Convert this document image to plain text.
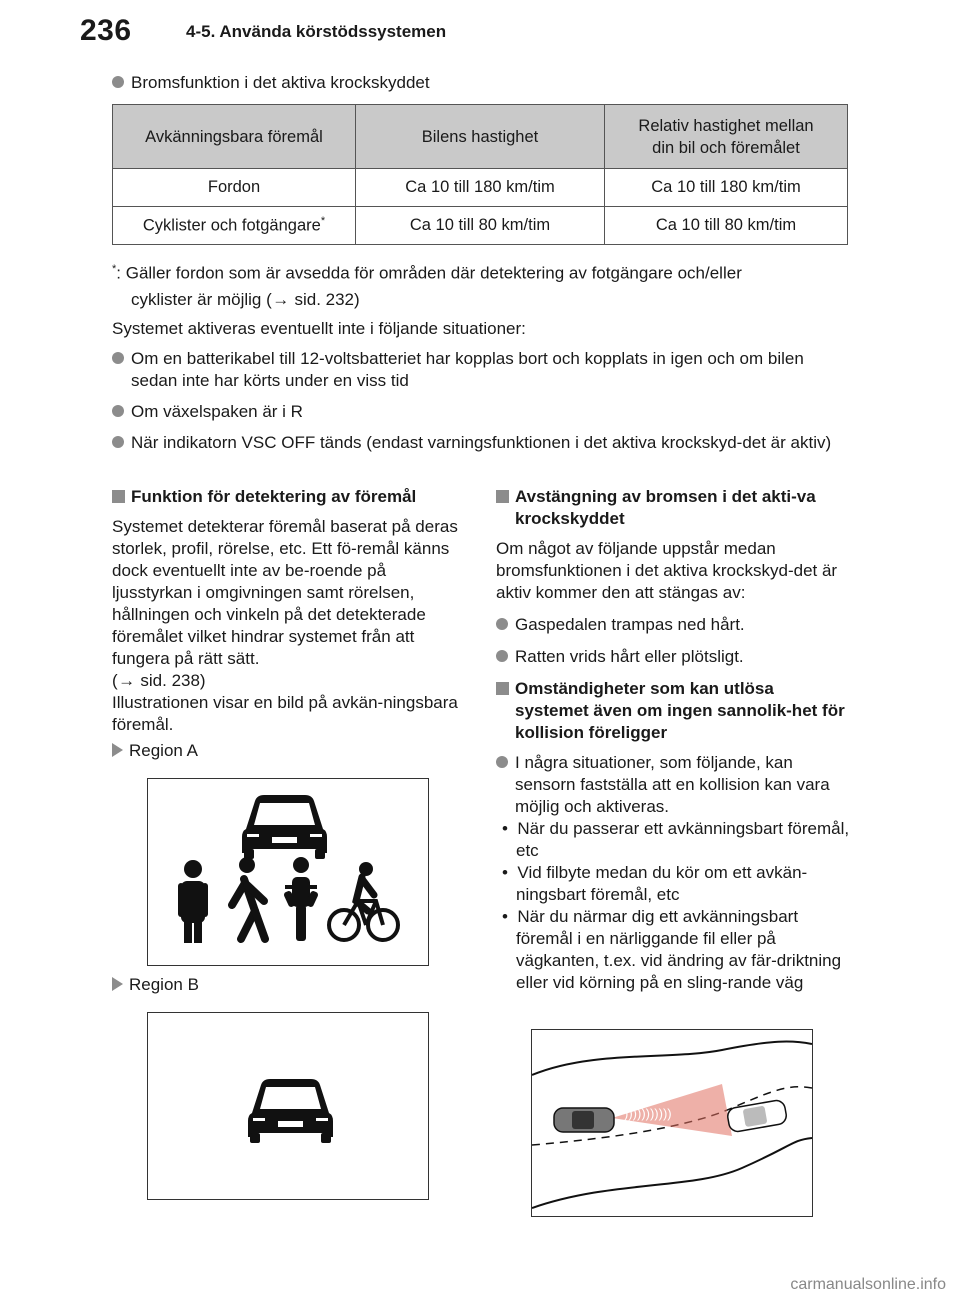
236	4-5. Använda körstödssystemen
Bromsfunktion i det aktiva krockskyddet
Avkänningsbara föremål	Bilens hastighet	Relativ hastighet mellan
din bil och föremålet
Fordon	Ca 10 till 180 km/tim	Ca 10 till 180 km/tim
Cyklister och fotgängare*	Ca 10 till 80 km/tim	Ca 10 till 80 km/tim
*: Gäller fordon som är avsedda för områden där detektering av fotgängare och/eller
cyklister är möjlig (→ sid. 232)
Systemet aktiveras eventuellt inte i följande situationer:
Om en batterikabel till 12-voltsbatteriet har kopplas bort och kopplats in igen och om bilen sedan inte har körts under en viss tid
Om växelspaken är i R
När indikatorn VSC OFF tänds (endast varningsfunktionen i det aktiva krockskyd-det är aktiv)

Funktion för detektering av föremål

Systemet detekterar föremål baserat på deras storlek, profil, rörelse, etc. Ett fö-remål känns dock eventuellt inte av be-roende på ljusstyrkan i omgivningen samt rörelsen, hållningen och vinkeln på det detekterade föremålet vilket hindrar systemet från att fungera på rätt sätt.

(→ sid. 238)

Illustrationen visar en bild på avkän-ningsbara föremål.

Region A
Region B

Avstängning av bromsen i det akti-va krockskyddet

Om något av följande uppstår medan bromsfunktionen i det aktiva krockskyd-det är aktiv kommer den att stängas av:

Gaspedalen trampas ned hårt.

Ratten vrids hårt eller plötsligt.

Omständigheter som kan utlösa systemet även om ingen sannolik-het för kollision föreligger

I några situationer, som följande, kan sensorn fastställa att en kollision kan vara möjlig och aktiveras.

•  När du passerar ett avkänningsbart föremål, etc

•  Vid filbyte medan du kör om ett avkän-ningsbart föremål, etc

•  När du närmar dig ett avkänningsbart föremål i en närliggande fil eller på vägkanten, t.ex. vid ändring av fär-driktning eller vid körning på en sling-rande väg

)))))))))))
carmanualsonline.info
